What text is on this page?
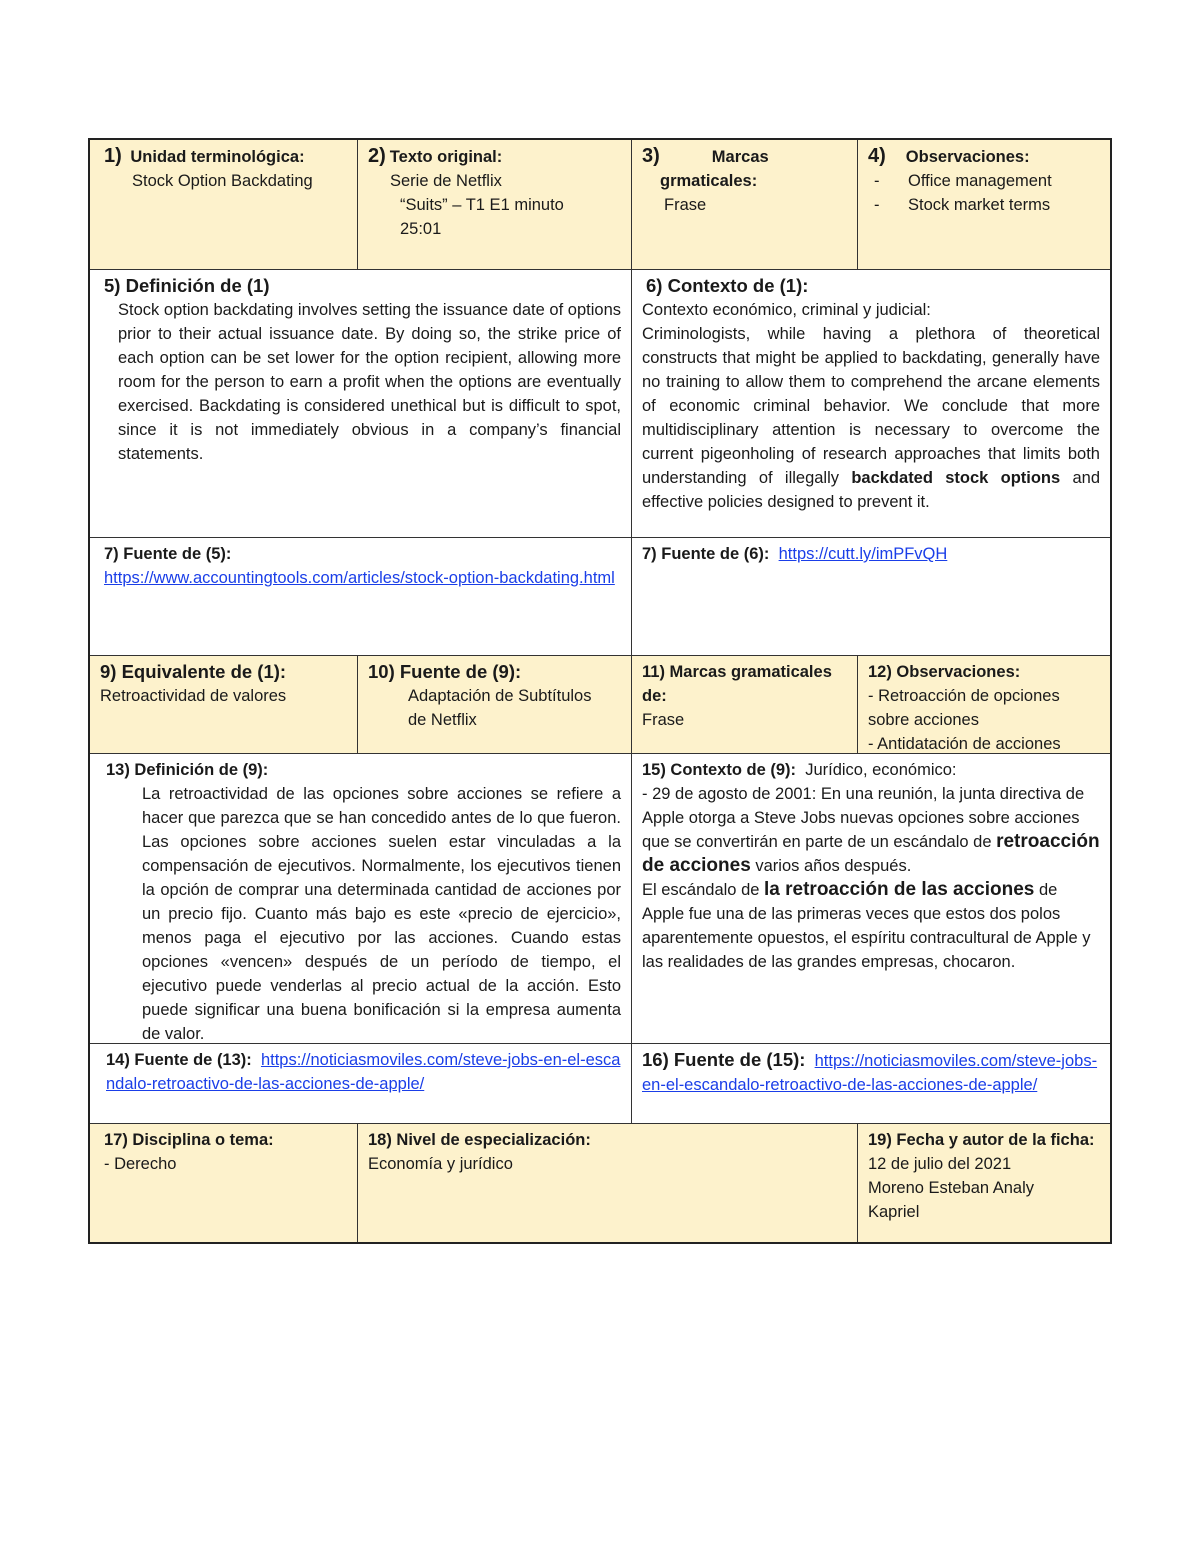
1) Unidad terminológica:
Stock Option Backdating
2) Texto original:
Serie de Netflix
“Suits” – T1 E1 minuto
25:01
3)	Marcas
grmaticales:
Frase
4) Observaciones:
-	Office management
-	Stock market terms
5) Definición de (1)
Stock option backdating involves setting the issuance date of options prior to their actual issuance date. By doing so, the strike price of each option can be set lower for the option recipient, allowing more room for the person to earn a profit when the options are eventually exercised. Backdating is considered unethical but is difficult to spot, since it is not immediately obvious in a company’s financial statements.
6) Contexto de (1):
Contexto económico, criminal y judicial:
Criminologists, while having a plethora of theoretical constructs that might be applied to backdating, generally have no training to allow them to comprehend the arcane elements of economic criminal behavior. We conclude that more multidisciplinary attention is necessary to overcome the current pigeonholing of research approaches that limits both understanding of illegally backdated stock options and effective policies designed to prevent it.
7) Fuente de (5):
https://www.accountingtools.com/articles/stock-option-backdating.html
7) Fuente de (6): https://cutt.ly/imPFvQH
9) Equivalente de (1):
Retroactividad de valores
10) Fuente de (9):
Adaptación de Subtítulos
de Netflix
11) Marcas gramaticales
de:
Frase
12) Observaciones:
- Retroacción de opciones sobre acciones
- Antidatación de acciones
13) Definición de (9):
La retroactividad de las opciones sobre acciones se refiere a hacer que parezca que se han concedido antes de lo que fueron. Las opciones sobre acciones suelen estar vinculadas a la compensación de ejecutivos. Normalmente, los ejecutivos tienen la opción de comprar una determinada cantidad de acciones por un precio fijo. Cuanto más bajo es este «precio de ejercicio», menos paga el ejecutivo por las acciones. Cuando estas opciones «vencen» después de un período de tiempo, el ejecutivo puede venderlas al precio actual de la acción. Esto puede significar una buena bonificación si la empresa aumenta de valor.
15) Contexto de (9): Jurídico, económico:
- 29 de agosto de 2001: En una reunión, la junta directiva de Apple otorga a Steve Jobs nuevas opciones sobre acciones que se convertirán en parte de un escándalo de retroacción de acciones varios años después.
El escándalo de la retroacción de las acciones de Apple fue una de las primeras veces que estos dos polos aparentemente opuestos, el espíritu contracultural de Apple y las realidades de las grandes empresas, chocaron.
14) Fuente de (13): https://noticiasmoviles.com/steve-jobs-en-el-escandalo-retroactivo-de-las-acciones-de-apple/
16) Fuente de (15): https://noticiasmoviles.com/steve-jobs-en-el-escandalo-retroactivo-de-las-acciones-de-apple/
17) Disciplina o tema:
- Derecho
18) Nivel de especialización:
Economía y jurídico
19) Fecha y autor de la ficha:
12 de julio del 2021
Moreno Esteban Analy
Kapriel
